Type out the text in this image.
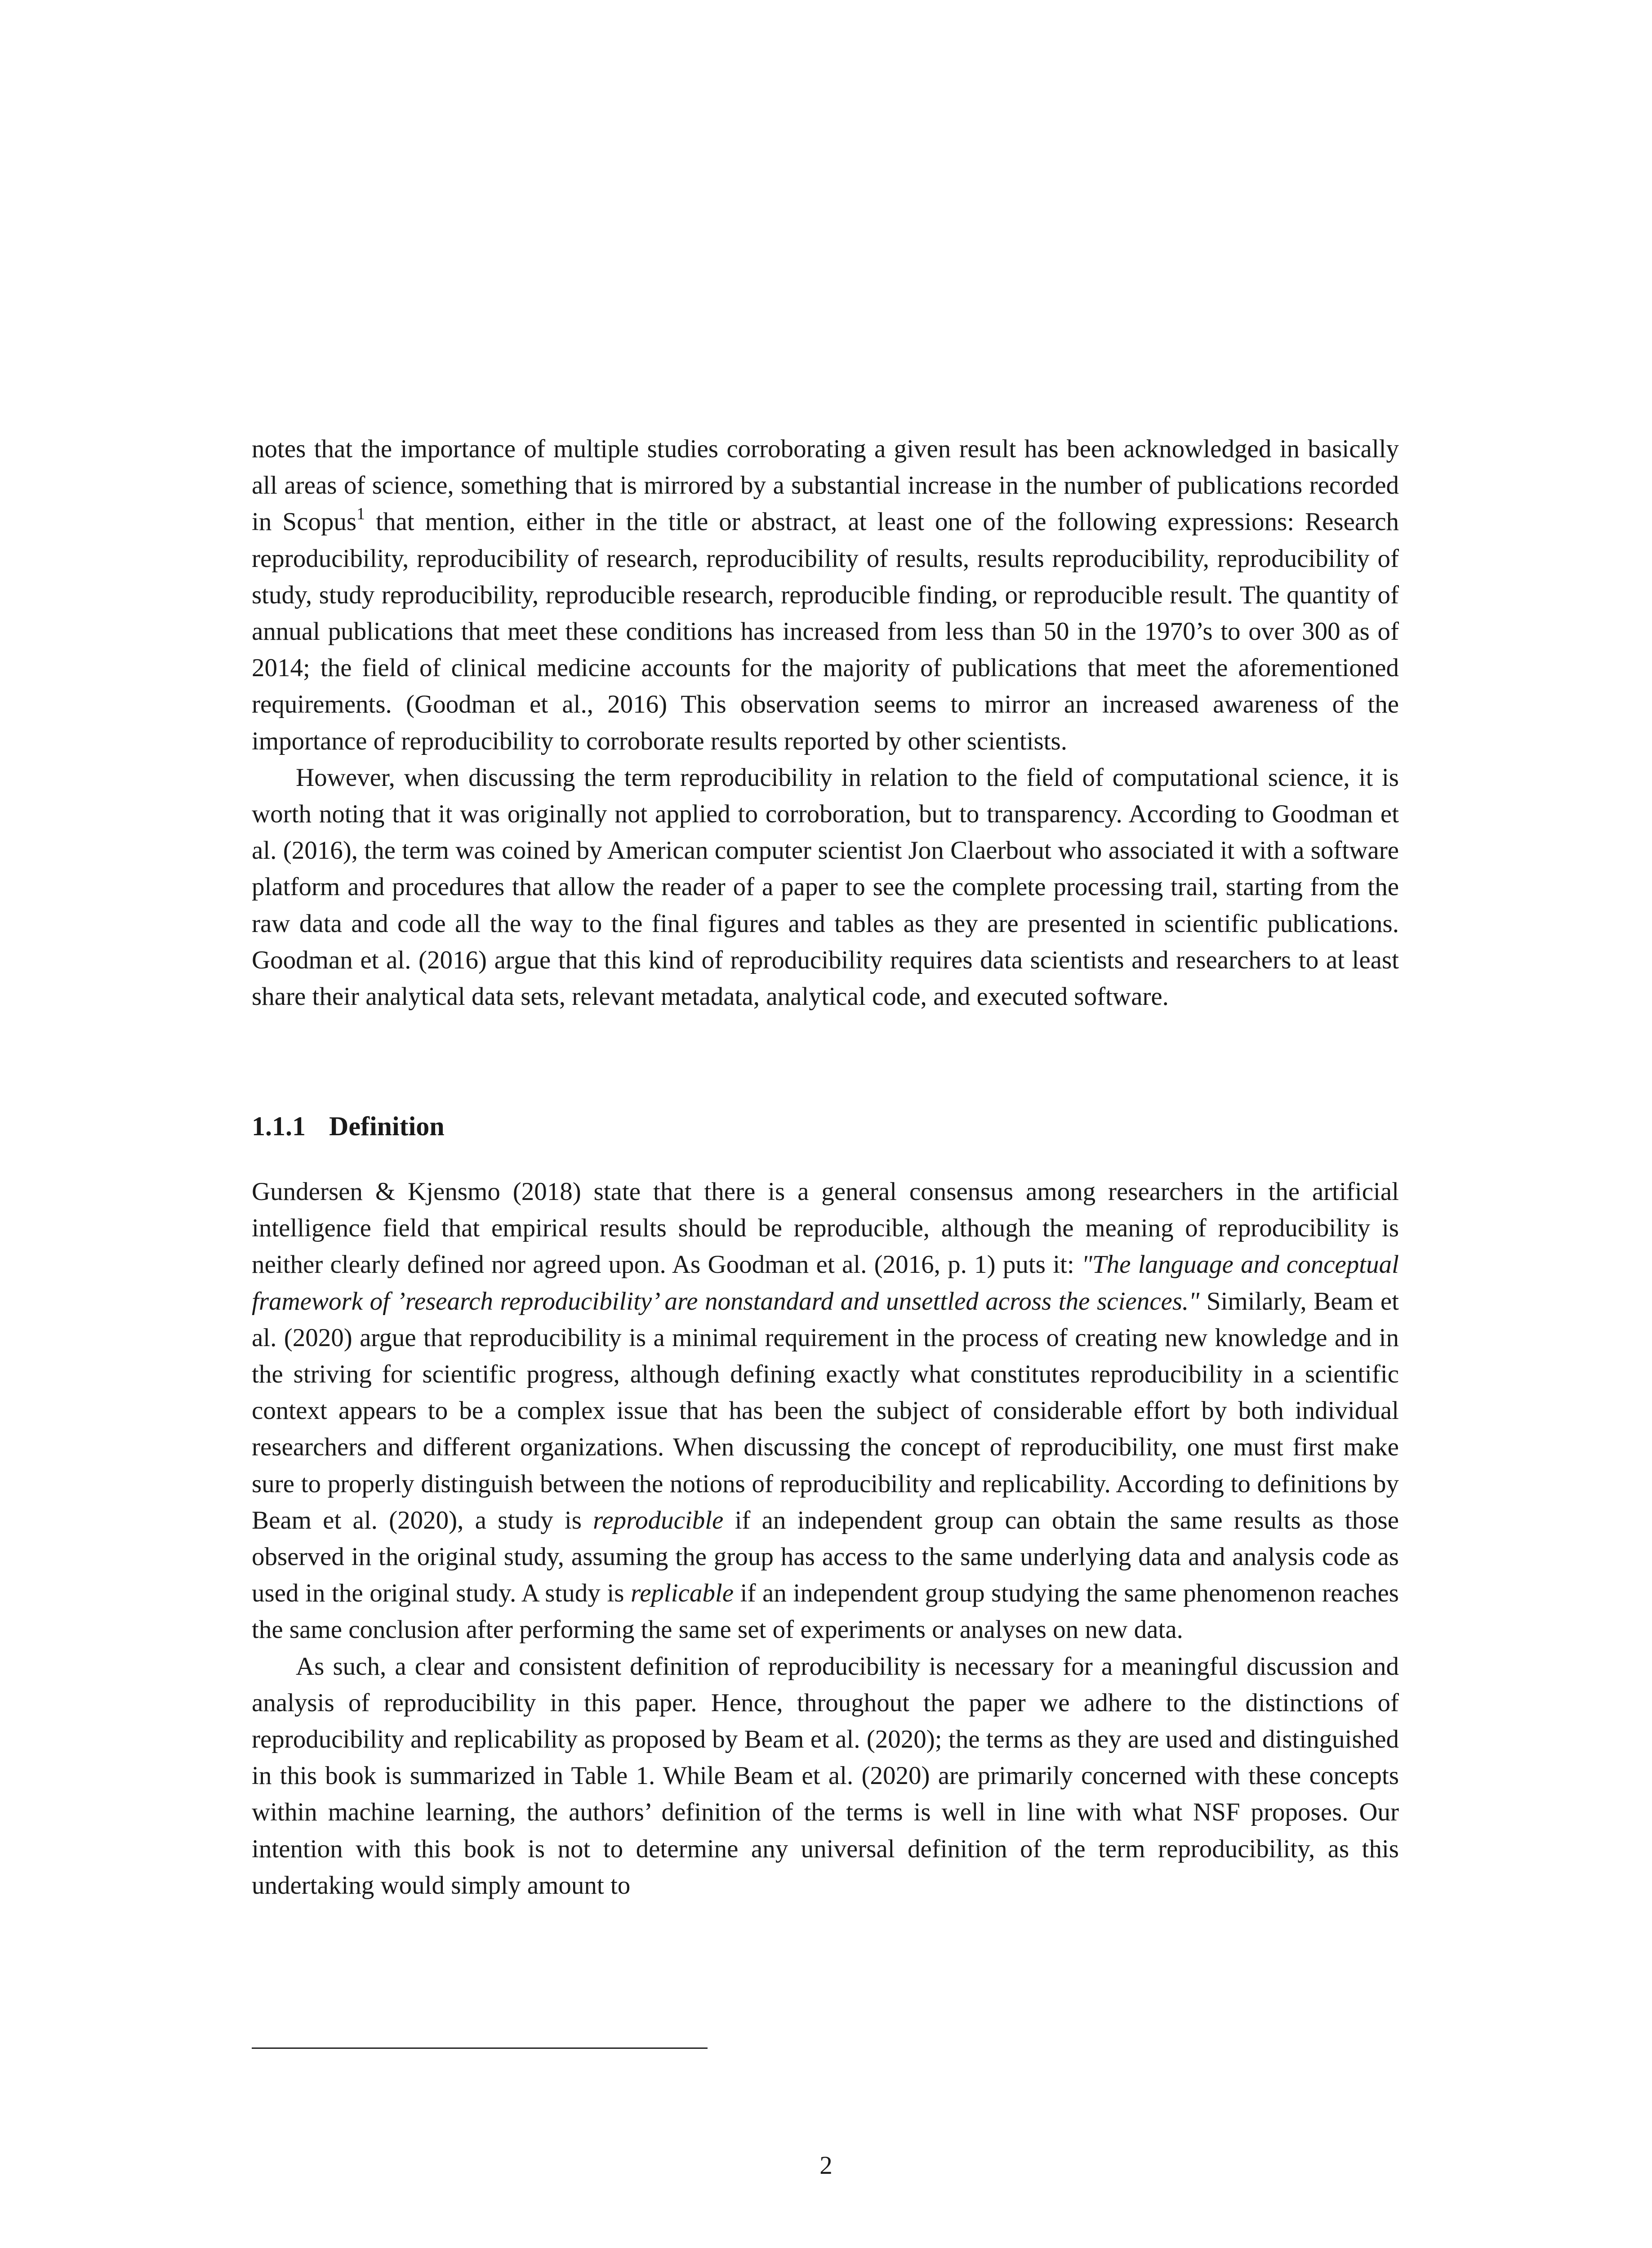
notes that the importance of multiple studies corroborating a given result has been acknowledged in basically all areas of science, something that is mirrored by a substantial increase in the number of publications recorded in Scopus$^1$ that mention, either in the title or abstract, at least one of the following expressions: Research reproducibility, reproducibility of research, reproducibility of results, results reproducibility, reproducibility of study, study reproducibility, reproducible research, reproducible finding, or reproducible result. The quantity of annual publications that meet these conditions has increased from less than 50 in the 1970’s to over 300 as of 2014; the field of clinical medicine accounts for the majority of publications that meet the aforementioned requirements. (Goodman et al., 2016) This observation seems to mirror an increased awareness of the importance of reproducibility to corroborate results reported by other scientists.

However, when discussing the term reproducibility in relation to the field of computational science, it is worth noting that it was originally not applied to corroboration, but to transparency. According to Goodman et al. (2016), the term was coined by American computer scientist Jon Claerbout who associated it with a software platform and procedures that allow the reader of a paper to see the complete processing trail, starting from the raw data and code all the way to the final figures and tables as they are presented in scientific publications. Goodman et al. (2016) argue that this kind of reproducibility requires data scientists and researchers to at least share their analytical data sets, relevant metadata, analytical code, and executed software.

1.1.1 Definition

Gundersen & Kjensmo (2018) state that there is a general consensus among researchers in the artificial intelligence field that empirical results should be reproducible, although the meaning of reproducibility is neither clearly defined nor agreed upon. As Goodman et al. (2016, p. 1) puts it: "The language and conceptual framework of ’research reproducibility’ are nonstandard and unsettled across the sciences." Similarly, Beam et al. (2020) argue that reproducibility is a minimal requirement in the process of creating new knowledge and in the striving for scientific progress, although defining exactly what constitutes reproducibility in a scientific context appears to be a complex issue that has been the subject of considerable effort by both individual researchers and different organizations. When discussing the concept of reproducibility, one must first make sure to properly distinguish between the notions of reproducibility and replicability. According to definitions by Beam et al. (2020), a study is reproducible if an independent group can obtain the same results as those observed in the original study, assuming the group has access to the same underlying data and analysis code as used in the original study. A study is replicable if an independent group studying the same phenomenon reaches the same conclusion after performing the same set of experiments or analyses on new data.

As such, a clear and consistent definition of reproducibility is necessary for a meaningful discussion and analysis of reproducibility in this paper. Hence, throughout the paper we adhere to the distinctions of reproducibility and replicability as proposed by Beam et al. (2020); the terms as they are used and distinguished in this book is summarized in Table 1. While Beam et al. (2020) are primarily concerned with these concepts within machine learning, the authors’ definition of the terms is well in line with what NSF proposes. Our intention with this book is not to determine any universal definition of the term reproducibility, as this undertaking would simply amount to

2
